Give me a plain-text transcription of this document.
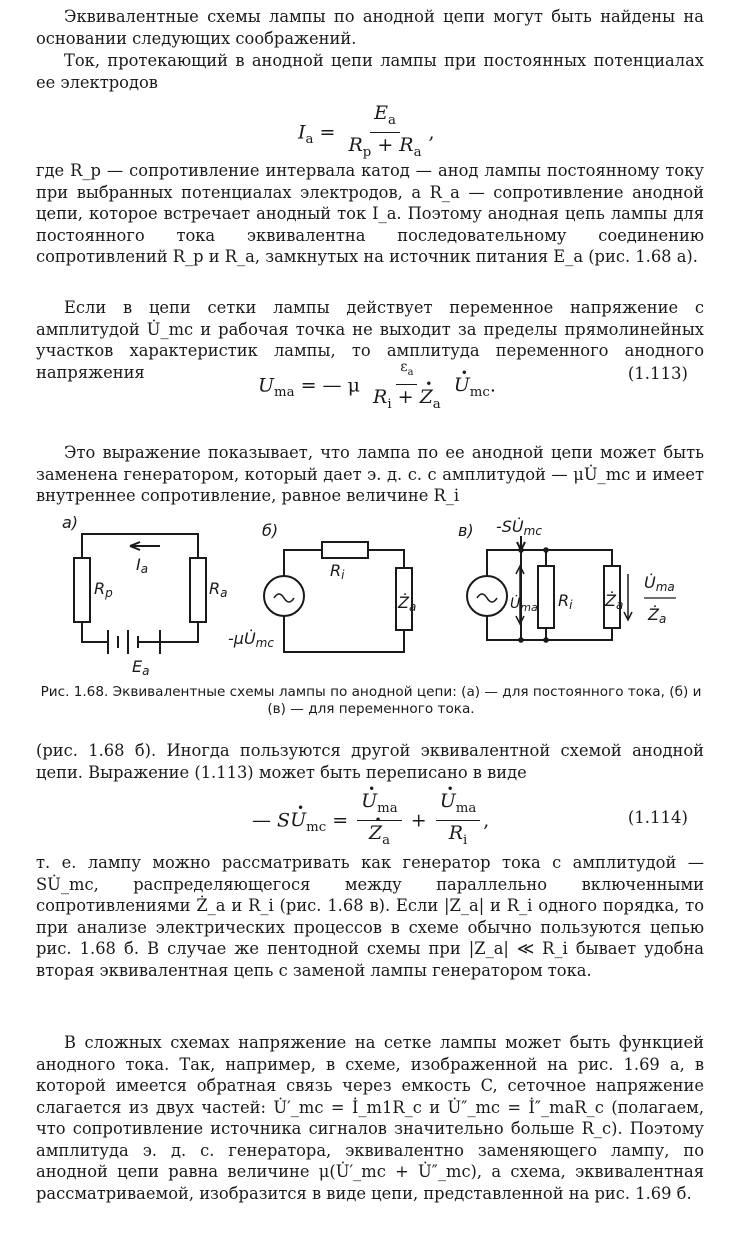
Эквивалентные схемы лампы по анодной цепи могут быть найдены на основании следующих соображений.

Ток, протекающий в анодной цепи лампы при постоянных потенциалах ее электродов

$I_a = \frac{E_a}{R_p + R_a}$ ,

где R_p — сопротивление интервала катод — анод лампы постоянному току при выбранных потенциалах электродов, а R_a — сопротивление анодной цепи, которое встречает анодный ток I_a. Поэтому анодная цепь лампы для постоянного тока эквивалентна последовательному соединению сопротивлений R_p и R_a, замкнутых на источник питания E_a (рис. 1.68 а).

Если в цепи сетки лампы действует переменное напряжение с амплитудой U̇_mc и рабочая точка не выходит за пределы прямолинейных участков характеристик лампы, то амплитуда переменного анодного напряжения

$U_{ma}$ = — μ $\frac{\varepsilon_a}{R_i + \cdot Z_a}$
· $U_{mc}$.
(1.113)

Это выражение показывает, что лампа по ее анодной цепи может быть заменена генератором, который дает э. д. с. с амплитудой — μU̇_mc и имеет внутреннее сопротивление, равное величине R_i

а)	б)	в)
Ia
Rp	Ra
Ea
Ri
Ża
-μU̇mc
-SU̇mc
$U̇_{ma}$ Ri Ża
U̇ma
Ża
Рис. 1.68. Эквивалентные схемы лампы по анодной цепи: (а) — для постоянного тока, (б) и (в) — для переменного тока.

(рис. 1.68 б). Иногда пользуются другой эквивалентной схемой анодной цепи. Выражение (1.113) может быть переписано в виде

— $S\cdot U_{mc}$ =
· $U_{ma}$
· $Z_a$ +
· $\frac{U_{ma}}{R_i}$ ,	(1.114)

т. е. лампу можно рассматривать как генератор тока с амплитудой — SU̇_mc, распределяющегося между параллельно включенными сопротивлениями Ż_a и R_i (рис. 1.68 в). Если |Z_a| и R_i одного порядка, то при анализе электрических процессов в схеме обычно пользуются цепью рис. 1.68 б. В случае же пентодной схемы при |Z_a| ≪ R_i бывает удобна вторая эквивалентная цепь с заменой лампы генератором тока.

В сложных схемах напряжение на сетке лампы может быть функцией анодного тока. Так, например, в схеме, изображенной на рис. 1.69 а, в которой имеется обратная связь через емкость C, сеточное напряжение слагается из двух частей: U̇′_mc = İ_m1R_c и U̇″_mc = İ″_maR_c (полагаем, что сопротивление источника сигналов значительно больше R_c). Поэтому амплитуда э. д. с. генератора, эквивалентно заменяющего лампу, по анодной цепи равна величине μ(U̇′_mc + U̇″_mc), а схема, эквивалентная рассматриваемой, изобразится в виде цепи, представленной на рис. 1.69 б.
